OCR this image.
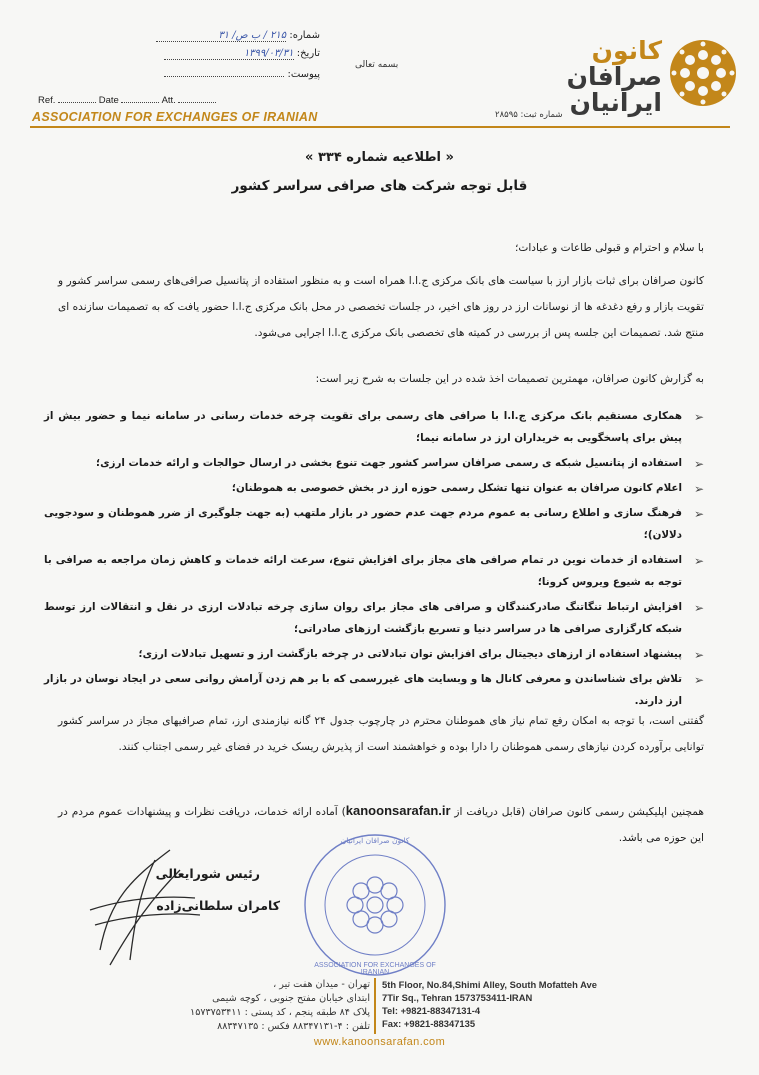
شماره: ۲۱۵ / ب ص/ ۳۱
تاریخ: ۱۳۹۹/۰۳/۳۱
پیوست:
بسمه تعالی
Ref.	Date	Att.
ASSOCIATION FOR EXCHANGES OF IRANIAN	شماره ثبت: ۲۸۵۹۵
کانون
صرافان
ایرانیان
« اطلاعیه شماره ۳۳۴ »
قابل توجه شرکت های صرافی سراسر کشور
با سلام و احترام و قبولی طاعات و عبادات؛
کانون صرافان برای ثبات بازار ارز با سیاست های بانک مرکزی ج.ا.ا همراه است و به منظور استفاده از پتانسیل صرافی‌های رسمی سراسر کشور و تقویت بازار و رفع دغدغه ها از نوسانات ارز در روز های اخیر، در جلسات تخصصی در محل بانک مرکزی ج.ا.ا حضور یافت که به تصمیمات سازنده ای منتج شد. تصمیمات این جلسه پس از بررسی در کمیته های تخصصی بانک مرکزی ج.ا.ا اجرایی می‌شود.
به گزارش کانون صرافان، مهمترین تصمیمات اخذ شده در این جلسات به شرح زیر است:
➢
همکاری مستقیم بانک مرکزی ج.ا.ا با صرافی های رسمی برای تقویت چرخه خدمات رسانی در سامانه نیما و حضور بیش از پیش برای پاسخگویی به خریداران ارز در سامانه نیما؛
➢
استفاده از پتانسیل شبکه ی رسمی صرافان سراسر کشور جهت تنوع بخشی در ارسال حوالجات و ارائه خدمات ارزی؛
➢
اعلام کانون صرافان به عنوان تنها تشکل رسمی حوزه ارز در بخش خصوصی به هموطنان؛
➢
فرهنگ سازی و اطلاع رسانی به عموم مردم جهت عدم حضور در بازار ملتهب (به جهت جلوگیری از ضرر هموطنان و سودجویی دلالان)؛
➢
استفاده از خدمات نوین در تمام صرافی های مجاز برای افزایش تنوع، سرعت ارائه خدمات و کاهش زمان مراجعه به صرافی با توجه به شیوع ویروس کرونا؛
➢
افزایش ارتباط تنگاتنگ صادرکنندگان و صرافی های مجاز برای روان سازی چرخه تبادلات ارزی در نقل و انتقالات ارز توسط شبکه کارگزاری صرافی ها در سراسر دنیا و تسریع بازگشت ارزهای صادراتی؛
➢
پیشنهاد استفاده از ارزهای دیجیتال برای افزایش توان تبادلاتی در چرخه بازگشت ارز و تسهیل تبادلات ارزی؛
➢
تلاش برای شناساندن و معرفی کانال ها و وبسایت های غیررسمی که با بر هم زدن آرامش روانی سعی در ایجاد نوسان در بازار ارز دارند.
گفتنی است، با توجه به امکان رفع تمام نیاز های هموطنان محترم در چارچوب جدول ۲۴ گانه نیازمندی ارز، تمام صرافیهای مجاز در سراسر کشور توانایی برآورده کردن نیازهای رسمی هموطنان را دارا بوده و خواهشمند است از پذیرش ریسک خرید در فضای غیر رسمی اجتناب کنند.
همچنین اپلیکیشن رسمی کانون صرافان (قابل دریافت از kanoonsarafan.ir) آماده ارائه خدمات، دریافت نظرات و پیشنهادات عموم مردم در این حوزه می باشد.
رئیس شورایعالی
کامران سلطانی‌زاده
ASSOCIATION FOR EXCHANGES OF IRANIAN
کانون صرافان ایرانیان
تهران - میدان هفت تیر ،
ابتدای خیابان مفتح جنوبی ، کوچه شیمی
پلاک ۸۴ طبقه پنجم ، کد پستی : ۱۵۷۳۷۵۳۴۱۱
تلفن : ۴-۸۸۳۴۷۱۳۱ فکس : ۸۸۳۴۷۱۳۵
5th Floor, No.84,Shimi Alley, South Mofatteh Ave
7Tir Sq., Tehran 1573753411-IRAN
Tel: +9821-88347131-4
Fax: +9821-88347135
www.kanoonsarafan.com
